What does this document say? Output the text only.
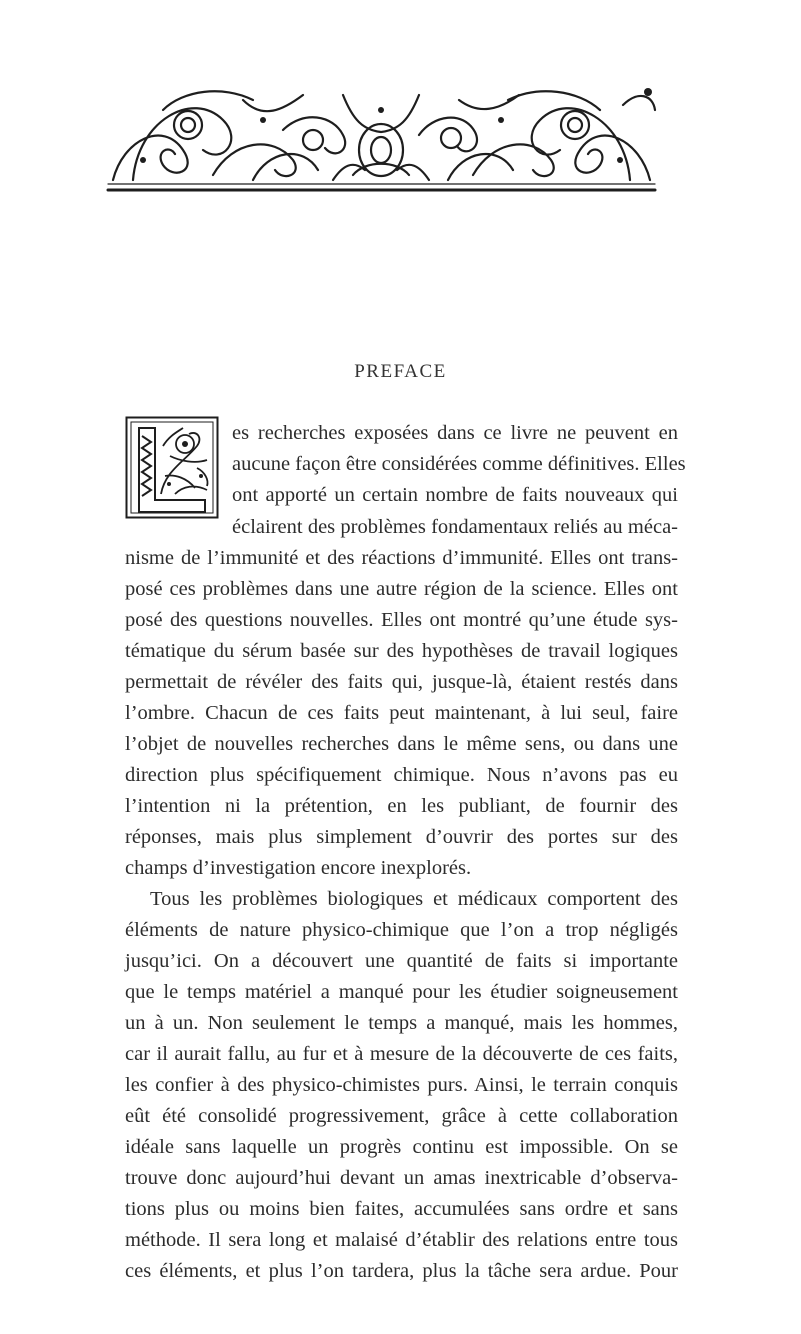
PREFACE
es recherches exposées dans ce livre ne peuvent en
aucune façon être considérées comme définitives. Elles
ont apporté un certain nombre de faits nouveaux qui
éclairent des problèmes fondamentaux reliés au méca-
nisme de l’immunité et des réactions d’immunité. Elles ont trans-
posé ces problèmes dans une autre région de la science. Elles ont
posé des questions nouvelles. Elles ont montré qu’une étude sys-
tématique du sérum basée sur des hypothèses de travail logiques
permettait de révéler des faits qui, jusque-là, étaient restés dans
l’ombre. Chacun de ces faits peut maintenant, à lui seul, faire
l’objet de nouvelles recherches dans le même sens, ou dans une
direction plus spécifiquement chimique. Nous n’avons pas eu
l’intention ni la prétention, en les publiant, de fournir des
réponses, mais plus simplement d’ouvrir des portes sur des
champs d’investigation encore inexplorés.
Tous les problèmes biologiques et médicaux comportent des
éléments de nature physico-chimique que l’on a trop négligés
jusqu’ici. On a découvert une quantité de faits si importante
que le temps matériel a manqué pour les étudier soigneusement
un à un. Non seulement le temps a manqué, mais les hommes,
car il aurait fallu, au fur et à mesure de la découverte de ces faits,
les confier à des physico-chimistes purs. Ainsi, le terrain conquis
eût été consolidé progressivement, grâce à cette collaboration
idéale sans laquelle un progrès continu est impossible. On se
trouve donc aujourd’hui devant un amas inextricable d’observa-
tions plus ou moins bien faites, accumulées sans ordre et sans
méthode. Il sera long et malaisé d’établir des relations entre tous
ces éléments, et plus l’on tardera, plus la tâche sera ardue. Pour
